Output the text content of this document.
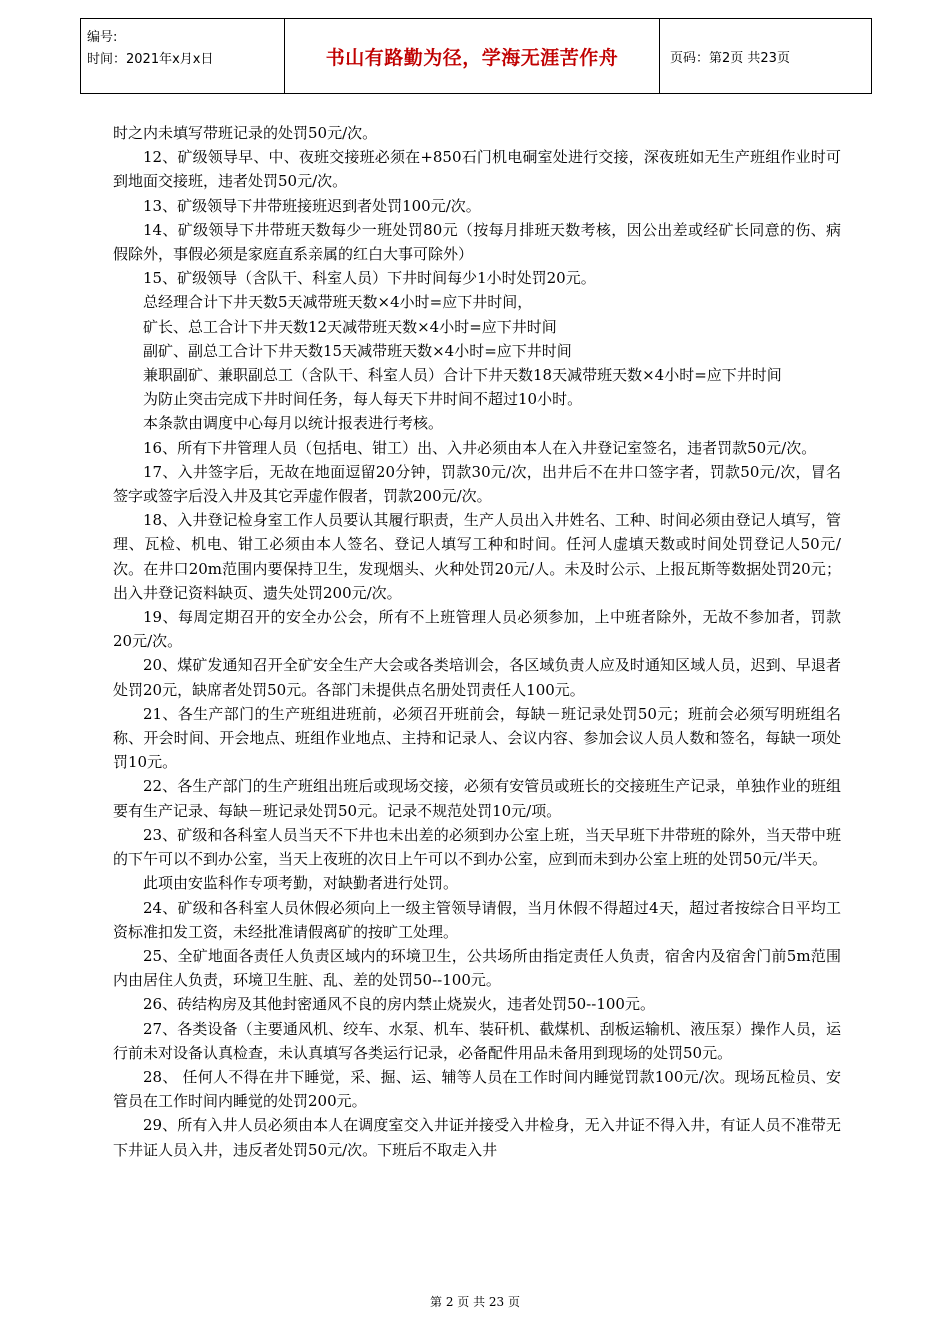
编号:
时间：2021年x月x日	书山有路勤为径，学海无涯苦作舟	页码：第2页 共23页

时之内未填写带班记录的处罚50元/次。

12、矿级领导早、中、夜班交接班必须在+850石门机电硐室处进行交接，深夜班如无生产班组作业时可到地面交接班，违者处罚50元/次。

13、矿级领导下井带班接班迟到者处罚100元/次。

14、矿级领导下井带班天数每少一班处罚80元（按每月排班天数考核，因公出差或经矿长同意的伤、病假除外，事假必须是家庭直系亲属的红白大事可除外）

15、矿级领导（含队干、科室人员）下井时间每少1小时处罚20元。

总经理合计下井天数5天减带班天数×4小时=应下井时间，

矿长、总工合计下井天数12天减带班天数×4小时=应下井时间

副矿、副总工合计下井天数15天减带班天数×4小时=应下井时间

兼职副矿、兼职副总工（含队干、科室人员）合计下井天数18天减带班天数×4小时=应下井时间

为防止突击完成下井时间任务，每人每天下井时间不超过10小时。

本条款由调度中心每月以统计报表进行考核。

16、所有下井管理人员（包括电、钳工）出、入井必须由本人在入井登记室签名，违者罚款50元/次。

17、入井签字后，无故在地面逗留20分钟，罚款30元/次，出井后不在井口签字者，罚款50元/次，冒名签字或签字后没入井及其它弄虚作假者，罚款200元/次。

18、入井登记检身室工作人员要认其履行职责，生产人员出入井姓名、工种、时间必须由登记人填写，管理、瓦检、机电、钳工必须由本人签名、登记人填写工种和时间。任河人虚填天数或时间处罚登记人50元/次。在井口20m范围内要保持卫生，发现烟头、火种处罚20元/人。未及时公示、上报瓦斯等数据处罚20元；出入井登记资料缺页、遗失处罚200元/次。

19、每周定期召开的安全办公会，所有不上班管理人员必须参加，上中班者除外，无故不参加者，罚款20元/次。

20、煤矿发通知召开全矿安全生产大会或各类培训会，各区域负责人应及时通知区域人员，迟到、早退者处罚20元，缺席者处罚50元。各部门未提供点名册处罚责任人100元。

21、各生产部门的生产班组进班前，必须召开班前会，每缺－班记录处罚50元；班前会必须写明班组名称、开会时间、开会地点、班组作业地点、主持和记录人、会议内容、参加会议人员人数和签名，每缺一项处罚10元。

22、各生产部门的生产班组出班后或现场交接，必须有安管员或班长的交接班生产记录，单独作业的班组要有生产记录、每缺－班记录处罚50元。记录不规范处罚10元/项。

23、矿级和各科室人员当天不下井也未出差的必须到办公室上班，当天早班下井带班的除外，当天带中班的下午可以不到办公室，当天上夜班的次日上午可以不到办公室，应到而未到办公室上班的处罚50元/半天。

此项由安监科作专项考勤，对缺勤者进行处罚。

24、矿级和各科室人员休假必须向上一级主管领导请假，当月休假不得超过4天，超过者按综合日平均工资标准扣发工资，未经批准请假离矿的按旷工处理。

25、全矿地面各责任人负责区域内的环境卫生，公共场所由指定责任人负责，宿舍内及宿舍门前5m范围内由居住人负责，环境卫生脏、乱、差的处罚50--100元。

26、砖结构房及其他封密通风不良的房内禁止烧炭火，违者处罚50--100元。

27、各类设备（主要通风机、绞车、水泵、机车、装矸机、截煤机、刮板运输机、液压泵）操作人员，运行前未对设备认真检查，未认真填写各类运行记录，必备配件用品未备用到现场的处罚50元。

28、 任何人不得在井下睡觉，采、掘、运、辅等人员在工作时间内睡觉罚款100元/次。现场瓦检员、安管员在工作时间内睡觉的处罚200元。

29、所有入井人员必须由本人在调度室交入井证并接受入井检身，无入井证不得入井，有证人员不准带无下井证人员入井，违反者处罚50元/次。下班后不取走入井

第 2 页 共 23 页
